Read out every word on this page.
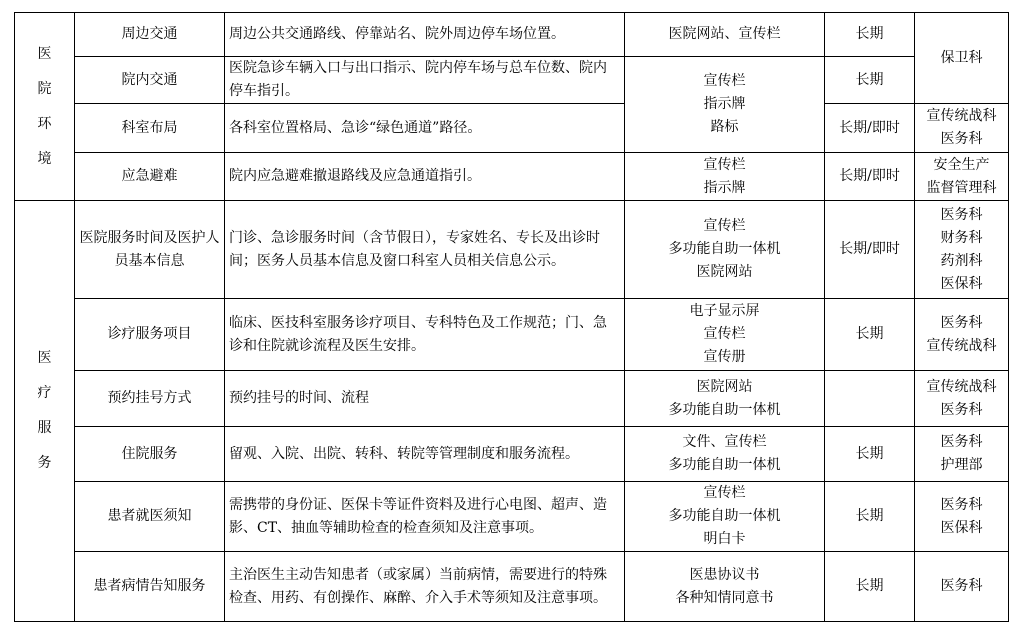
医
院
环
境	周边交通	周边公共交通路线、停靠站名、院外周边停车场位置。	医院网站、宣传栏	长期	保卫科

	院内交通	医院急诊车辆入口与出口指示、院内停车场与总车位数、院内停车指引。	宣传栏
指示牌
路标	长期	
	科室布局	各科室位置格局、急诊“绿色通道”路径。		长期/即时	宣传统战科
医务科

	应急避难	院内应急避难撤退路线及应急通道指引。	宣传栏
指示牌	长期/即时	安全生产
监督管理科

医
疗
服
务	医院服务时间及医护人员基本信息	门诊、急诊服务时间（含节假日），专家姓名、专长及出诊时间；医务人员基本信息及窗口科室人员相关信息公示。	宣传栏
多功能自助一体机
医院网站	长期/即时	医务科
财务科
药剂科
医保科

	诊疗服务项目	临床、医技科室服务诊疗项目、专科特色及工作规范；门、急诊和住院就诊流程及医生安排。	电子显示屏
宣传栏
宣传册	长期	医务科
宣传统战科

	预约挂号方式	预约挂号的时间、流程	医院网站
多功能自助一体机		宣传统战科
医务科

	住院服务	留观、入院、出院、转科、转院等管理制度和服务流程。	文件、宣传栏
多功能自助一体机	长期	医务科
护理部

	患者就医须知	需携带的身份证、医保卡等证件资料及进行心电图、超声、造影、CT、抽血等辅助检查的检查须知及注意事项。	宣传栏
多功能自助一体机
明白卡	长期	医务科
医保科

	患者病情告知服务	主治医生主动告知患者（或家属）当前病情，需要进行的特殊检查、用药、有创操作、麻醉、介入手术等须知及注意事项。	医患协议书
各种知情同意书	长期	医务科
